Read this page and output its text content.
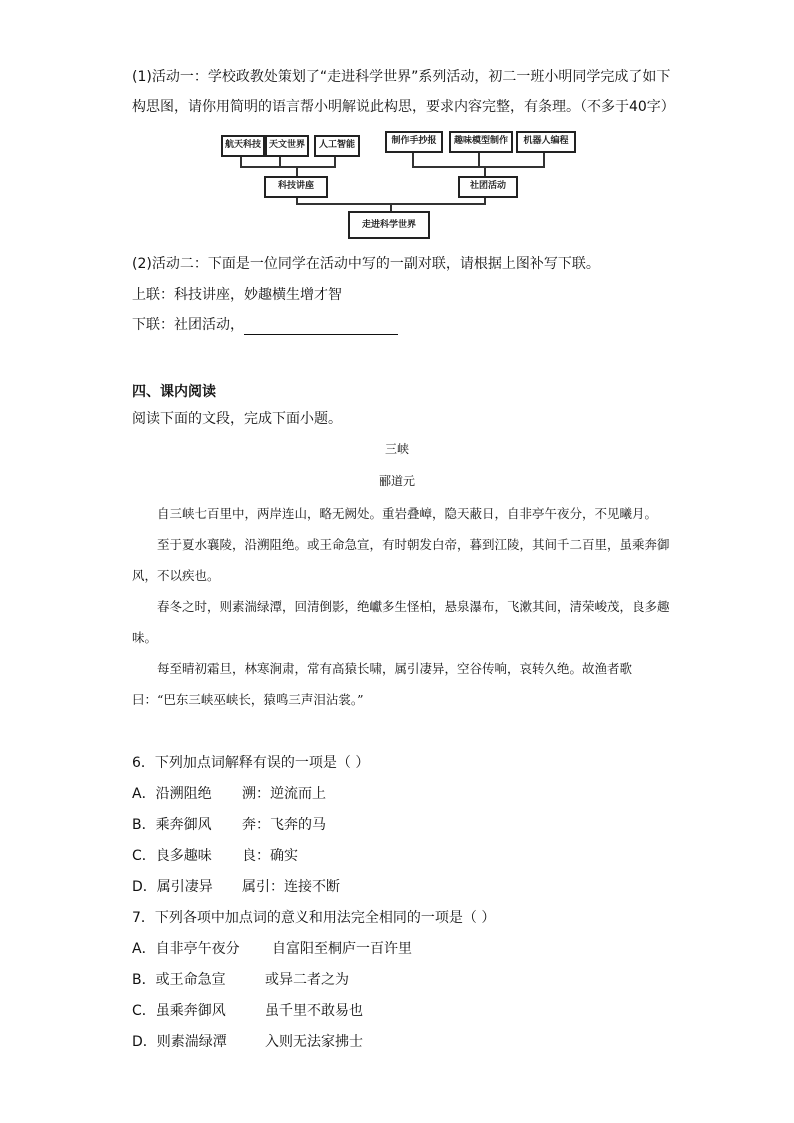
(1)活动一：学校政教处策划了“走进科学世界”系列活动，初二一班小明同学完成了如下
构思图，请你用简明的语言帮小明解说此构思，要求内容完整，有条理。（不多于40字）
航天科技 天文世界	人工智能	制作手抄报	趣味模型制作	机器人编程
科技讲座	社团活动
走进科学世界
(2)活动二：下面是一位同学在活动中写的一副对联，请根据上图补写下联。
上联：科技讲座，妙趣横生增才智
下联：社团活动，
四、课内阅读
阅读下面的文段，完成下面小题。
三峡
郦道元

自三峡七百里中，两岸连山，略无阙处。重岩叠嶂，隐天蔽日，自非亭午夜分，不见曦月。

至于夏水襄陵，沿溯阻绝。或王命急宣，有时朝发白帝，暮到江陵，其间千二百里，虽乘奔御风，不以疾也。

春冬之时，则素湍绿潭，回清倒影，绝巘多生怪柏，悬泉瀑布，飞漱其间，清荣峻茂，良多趣味。

每至晴初霜旦，林寒涧肃，常有高猿长啸，属引凄异，空谷传响，哀转久绝。故渔者歌曰：“巴东三峡巫峡长，猿鸣三声泪沾裳。”

6．下列加点词解释有误的一项是（ ）
A．沿溯阻绝 溯：逆流而上
B．乘奔御风 奔：飞奔的马
C．良多趣味 良：确实
D．属引凄异 属引：连接不断
7．下列各项中加点词的意义和用法完全相同的一项是（ ）
A．自非亭午夜分 自富阳至桐庐一百许里
B．或王命急宣	或异二者之为
C．虽乘奔御风	虽千里不敢易也
D．则素湍绿潭	入则无法家拂士
